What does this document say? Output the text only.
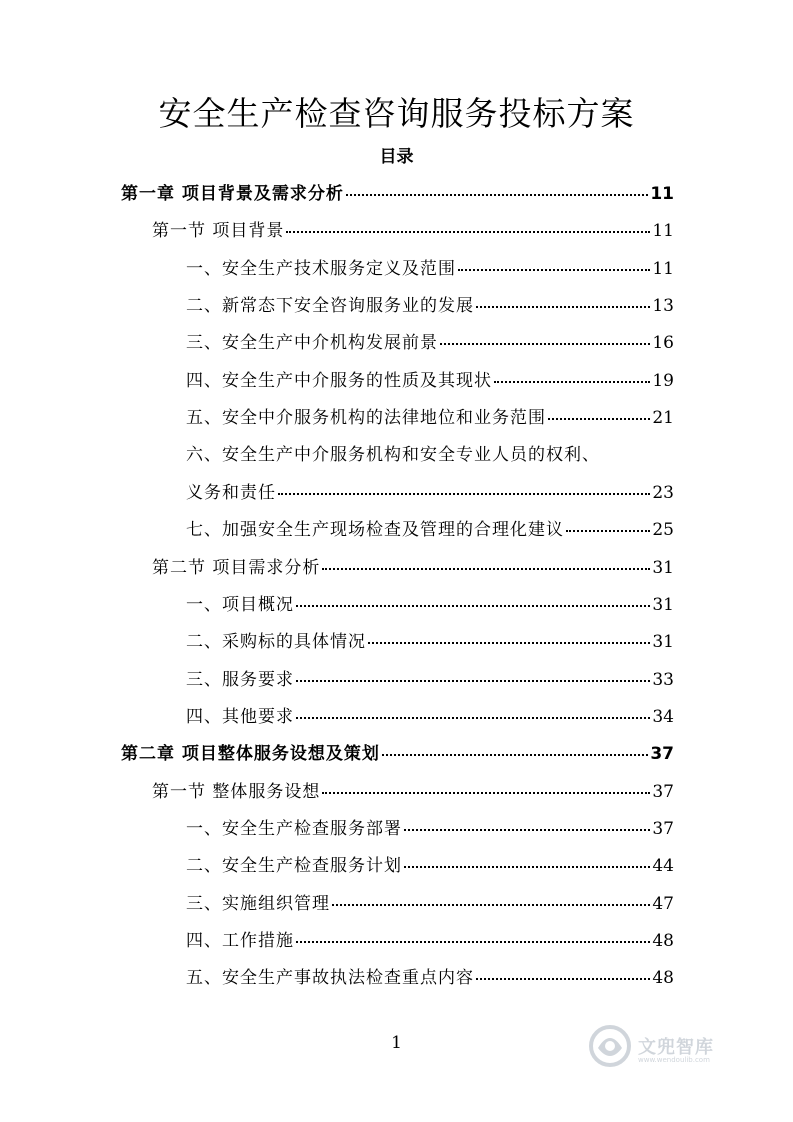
安全生产检查咨询服务投标方案
目录
第一章 项目背景及需求分析	11
第一节 项目背景	11
一、安全生产技术服务定义及范围	11
二、新常态下安全咨询服务业的发展	13
三、安全生产中介机构发展前景	16
四、安全生产中介服务的性质及其现状	19
五、安全中介服务机构的法律地位和业务范围	21
六、安全生产中介服务机构和安全专业人员的权利、
义务和责任	23
七、加强安全生产现场检查及管理的合理化建议	25
第二节 项目需求分析	31
一、项目概况	31
二、采购标的具体情况	31
三、服务要求	33
四、其他要求	34
第二章 项目整体服务设想及策划	37
第一节 整体服务设想	37
一、安全生产检查服务部署	37
二、安全生产检查服务计划	44
三、实施组织管理	47
四、工作措施	48
五、安全生产事故执法检查重点内容	48
1	文兜智库
www.wendoulib.com
